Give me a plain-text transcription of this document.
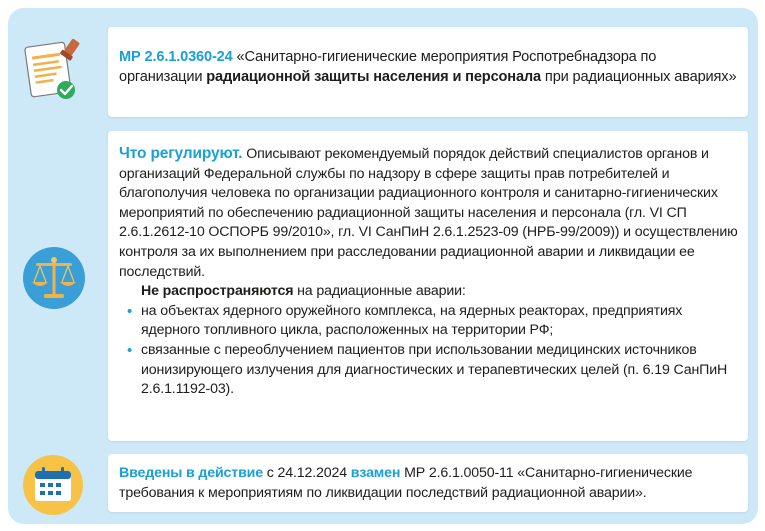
МР 2.6.1.0360-24 «Санитарно-гигиенические мероприятия Роспотребнадзора по организации радиационной защиты населения и персонала при радиационных авариях»
Что регулируют. Описывают рекомендуемый порядок действий специалистов органов и организаций Федеральной службы по надзору в сфере защиты прав потребителей и благополучия человека по организации радиационного контроля и санитарно-гигиенических мероприятий по обеспечению радиационной защиты населения и персонала (гл. VI СП 2.6.1.2612-10 ОСПОРБ 99/2010», гл. VI СанПиН 2.6.1.2523-09 (НРБ-99/2009)) и осуществлению контроля за их выполнением при расследовании радиационной аварии и ликвидации ее последствий.
Не распространяются на радиационные аварии:
• на объектах ядерного оружейного комплекса, на ядерных реакторах, предприятиях ядерного топливного цикла, расположенных на территории РФ;
• связанные с переоблучением пациентов при использовании медицинских источников ионизирующего излучения для диагностических и терапевтических целей (п. 6.19 СанПиН 2.6.1.1192-03).
Введены в действие с 24.12.2024 взамен МР 2.6.1.0050-11 «Санитарно-гигиенические требования к мероприятиям по ликвидации последствий радиационной аварии».
